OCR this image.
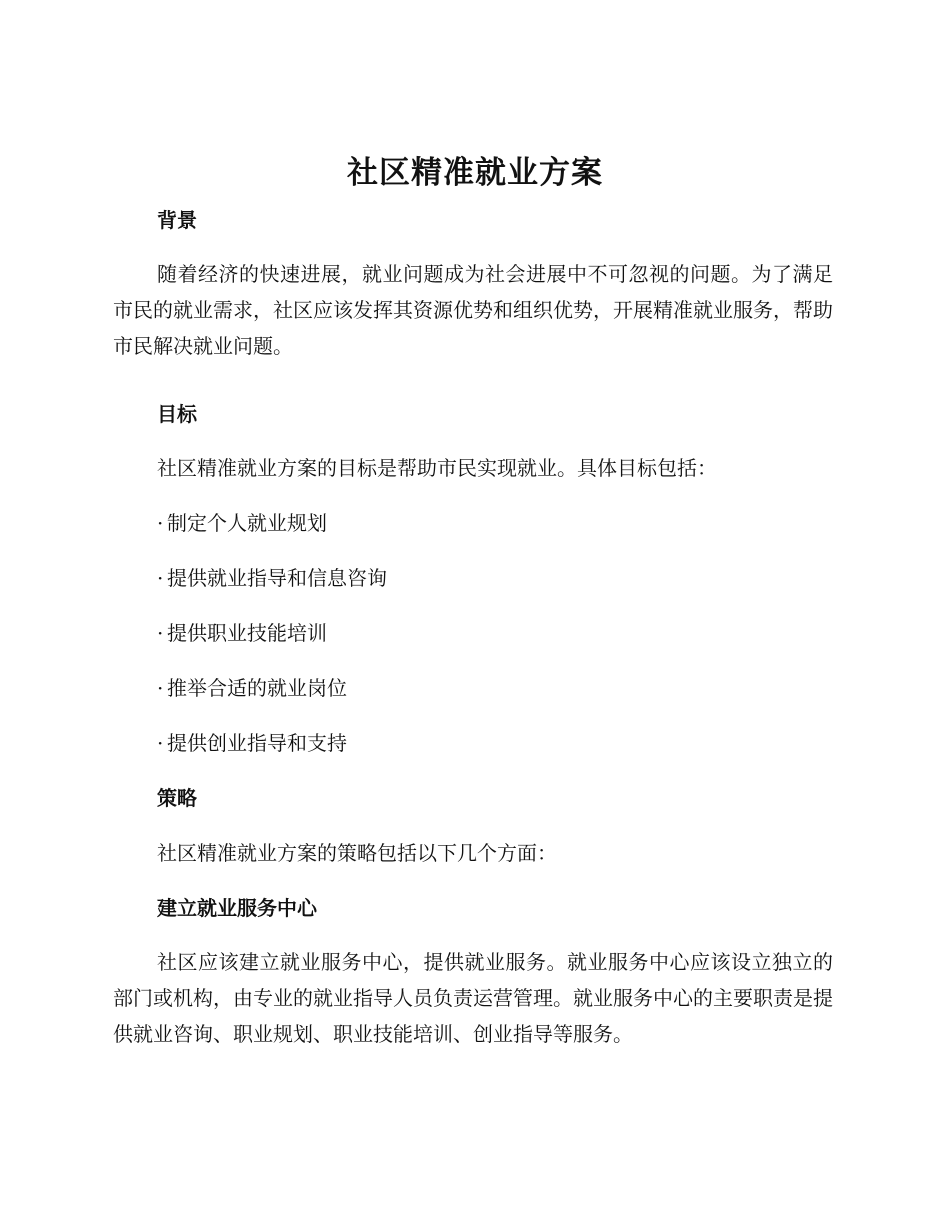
社区精准就业方案
背景
随着经济的快速进展，就业问题成为社会进展中不可忽视的问题。为了满足市民的就业需求，社区应该发挥其资源优势和组织优势，开展精准就业服务，帮助市民解决就业问题。
目标
社区精准就业方案的目标是帮助市民实现就业。具体目标包括：
· 制定个人就业规划
· 提供就业指导和信息咨询
· 提供职业技能培训
· 推举合适的就业岗位
· 提供创业指导和支持
策略
社区精准就业方案的策略包括以下几个方面：
建立就业服务中心
社区应该建立就业服务中心，提供就业服务。就业服务中心应该设立独立的部门或机构，由专业的就业指导人员负责运营管理。就业服务中心的主要职责是提供就业咨询、职业规划、职业技能培训、创业指导等服务。
